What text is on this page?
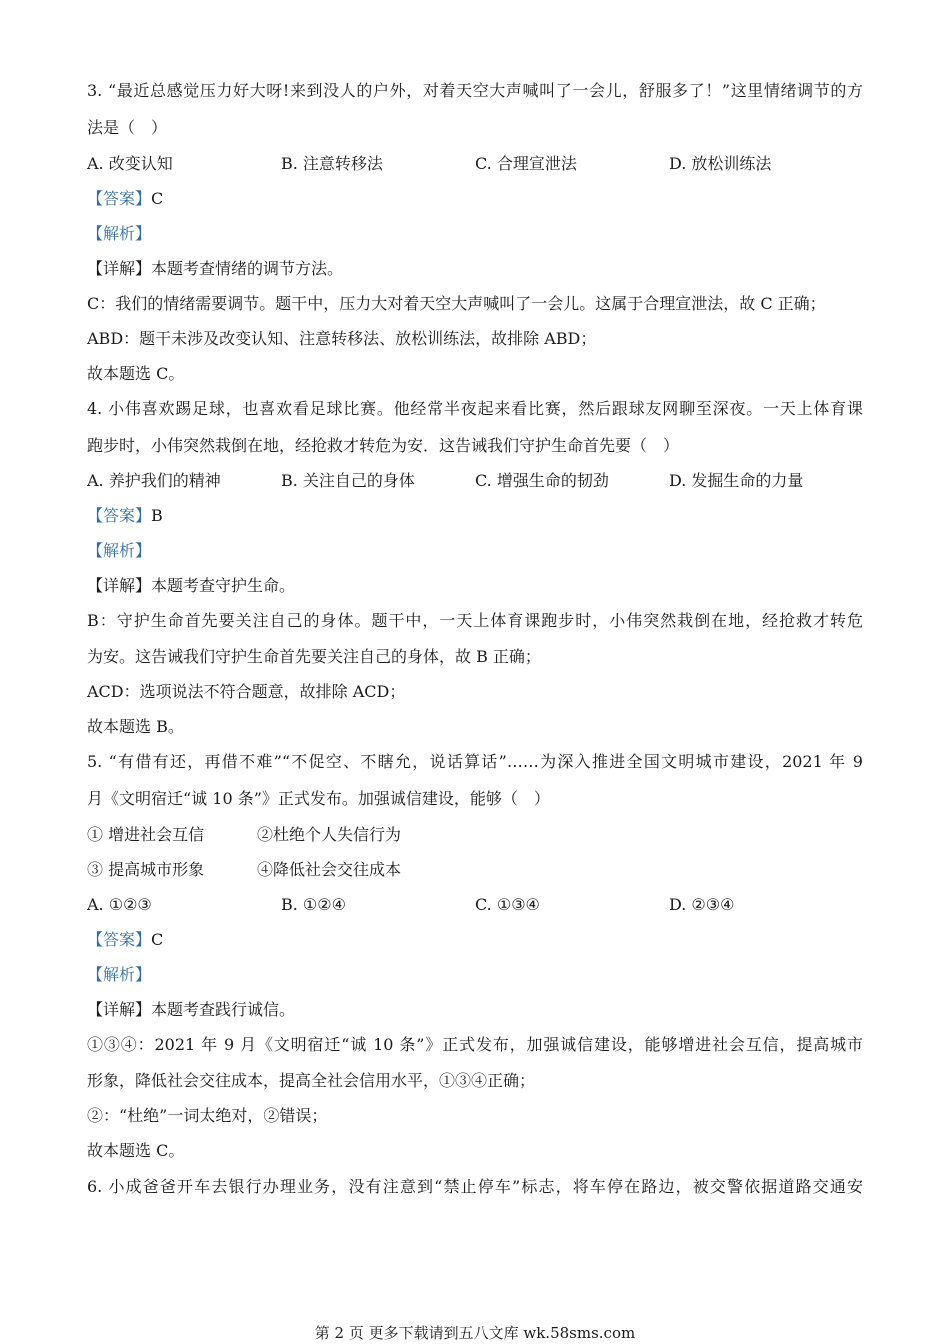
3. “最近总感觉压力好大呀!来到没人的户外，对着天空大声喊叫了一会儿，舒服多了！”这里情绪调节的方
法是（　）
A. 改变认知	B. 注意转移法	C. 合理宣泄法	D. 放松训练法
【答案】C
【解析】
【详解】本题考查情绪的调节方法。
C：我们的情绪需要调节。题干中，压力大对着天空大声喊叫了一会儿。这属于合理宣泄法，故 C 正确；
ABD：题干未涉及改变认知、注意转移法、放松训练法，故排除 ABD；
故本题选 C。
4. 小伟喜欢踢足球，也喜欢看足球比赛。他经常半夜起来看比赛，然后跟球友网聊至深夜。一天上体育课
跑步时，小伟突然栽倒在地，经抢救才转危为安．这告诫我们守护生命首先要（　）
A. 养护我们的精神	B. 关注自己的身体	C. 增强生命的韧劲	D. 发掘生命的力量
【答案】B
【解析】
【详解】本题考查守护生命。
B：守护生命首先要关注自己的身体。题干中，一天上体育课跑步时，小伟突然栽倒在地，经抢救才转危
为安。这告诫我们守护生命首先要关注自己的身体，故 B 正确；
ACD：选项说法不符合题意，故排除 ACD；
故本题选 B。
5. “有借有还，再借不难”“不促空、不瞎允，说话算话”……为深入推进全国文明城市建设，2021 年 9
月《文明宿迁“诚 10 条”》正式发布。加强诚信建设，能够（　）
① 增进社会互信	②杜绝个人失信行为
③ 提高城市形象	④降低社会交往成本
A. ①②③	B. ①②④	C. ①③④	D. ②③④
【答案】C
【解析】
【详解】本题考查践行诚信。
①③④：2021 年 9 月《文明宿迁“诚 10 条”》正式发布，加强诚信建设，能够增进社会互信，提高城市
形象，降低社会交往成本，提高全社会信用水平，①③④正确；
②：“杜绝”一词太绝对，②错误；
故本题选 C。
6. 小成爸爸开车去银行办理业务，没有注意到“禁止停车”标志，将车停在路边，被交警依据道路交通安
第 2 页 更多下载请到五八文库 wk.58sms.com
